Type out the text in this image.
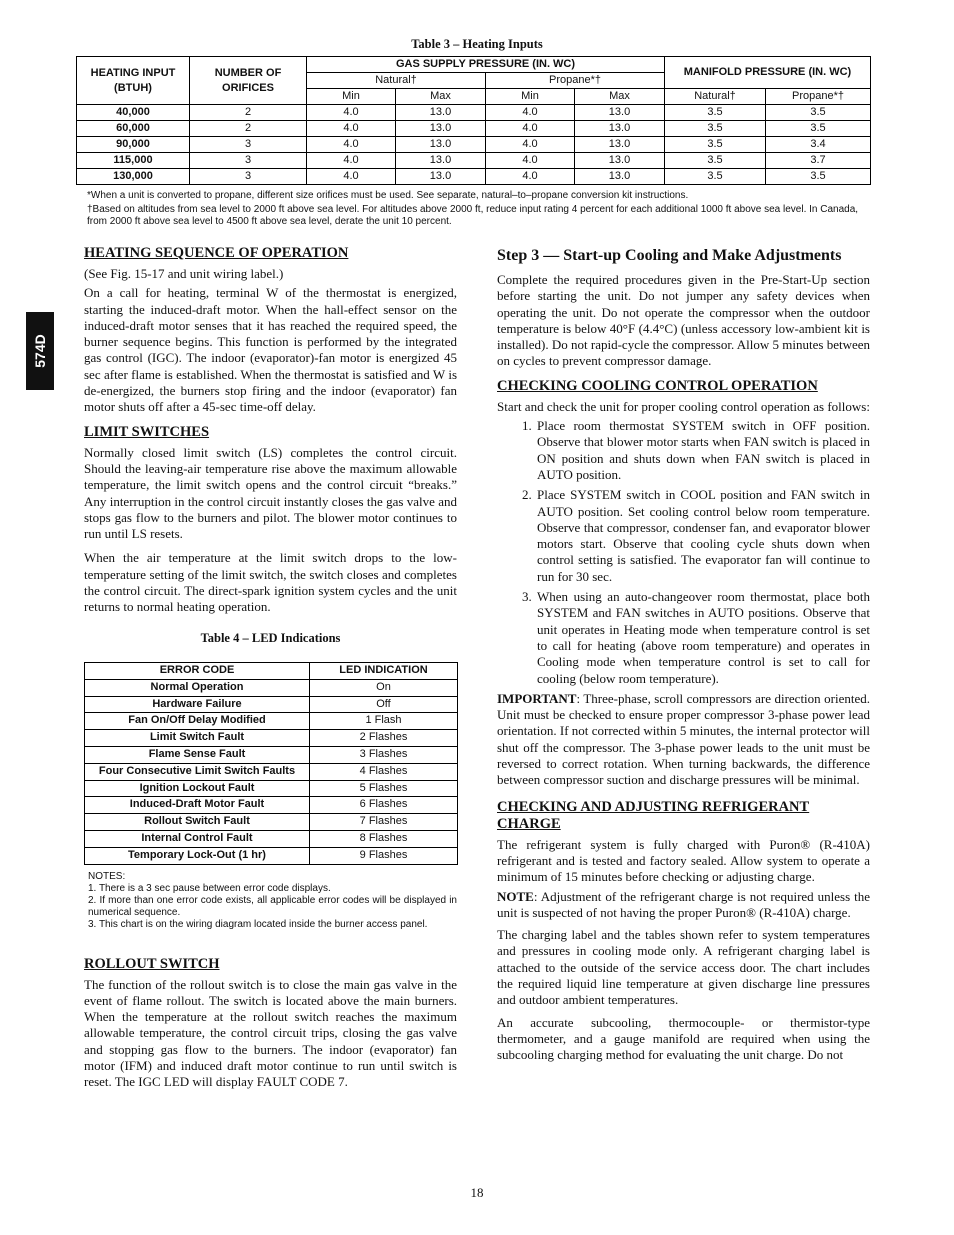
Table 3 – Heating Inputs
HEATING INPUT (BTUH)	NUMBER OF ORIFICES	GAS SUPPLY PRESSURE (IN. WC)				MANIFOLD PRESSURE (IN. WC)	
		Natural†		Propane*†			
		Min	Max	Min	Max	Natural†	Propane*†
40,000	2	4.0	13.0	4.0	13.0	3.5	3.5
60,000	2	4.0	13.0	4.0	13.0	3.5	3.5
90,000	3	4.0	13.0	4.0	13.0	3.5	3.4
115,000	3	4.0	13.0	4.0	13.0	3.5	3.7
130,000	3	4.0	13.0	4.0	13.0	3.5	3.5

*When a unit is converted to propane, different size orifices must be used. See separate, natural–to–propane conversion kit instructions.

†Based on altitudes from sea level to 2000 ft above sea level. For altitudes above 2000 ft, reduce input rating 4 percent for each additional 1000 ft above sea level. In Canada, from 2000 ft above sea level to 4500 ft above sea level, derate the unit 10 percent.

574D
HEATING SEQUENCE OF OPERATION

(See Fig. 15-17 and unit wiring label.)

On a call for heating, terminal W of the thermostat is energized, starting the induced-draft motor. When the hall-effect sensor on the induced-draft motor senses that it has reached the required speed, the burner sequence begins. This function is performed by the integrated gas control (IGC). The indoor (evaporator)-fan motor is energized 45 sec after flame is established. When the thermostat is satisfied and W is de-energized, the burners stop firing and the indoor (evaporator) fan motor shuts off after a 45-sec time-off delay.

LIMIT SWITCHES

Normally closed limit switch (LS) completes the control circuit. Should the leaving-air temperature rise above the maximum allowable temperature, the limit switch opens and the control circuit “breaks.” Any interruption in the control circuit instantly closes the gas valve and stops gas flow to the burners and pilot. The blower motor continues to run until LS resets.

When the air temperature at the limit switch drops to the low-temperature setting of the limit switch, the switch closes and completes the control circuit. The direct-spark ignition system cycles and the unit returns to normal heating operation.

Table 4 – LED Indications
ERROR CODE	LED INDICATION
Normal Operation	On
Hardware Failure	Off
Fan On/Off Delay Modified	1 Flash
Limit Switch Fault	2 Flashes
Flame Sense Fault	3 Flashes
Four Consecutive Limit Switch Faults	4 Flashes
Ignition Lockout Fault	5 Flashes
Induced-Draft Motor Fault	6 Flashes
Rollout Switch Fault	7 Flashes
Internal Control Fault	8 Flashes
Temporary Lock-Out (1 hr)	9 Flashes

NOTES:

1. There is a 3 sec pause between error code displays.

2. If more than one error code exists, all applicable error codes will be displayed in numerical sequence.

3. This chart is on the wiring diagram located inside the burner access panel.

ROLLOUT SWITCH

The function of the rollout switch is to close the main gas valve in the event of flame rollout. The switch is located above the main burners. When the temperature at the rollout switch reaches the maximum allowable temperature, the control circuit trips, closing the gas valve and stopping gas flow to the burners. The indoor (evaporator) fan motor (IFM) and induced draft motor continue to run until switch is reset. The IGC LED will display FAULT CODE 7.

Step 3 — Start-up Cooling and Make Adjustments

Complete the required procedures given in the Pre-Start-Up section before starting the unit. Do not jumper any safety devices when operating the unit. Do not operate the compressor when the outdoor temperature is below 40°F (4.4°C) (unless accessory low-ambient kit is installed). Do not rapid-cycle the compressor. Allow 5 minutes between on cycles to prevent compressor damage.

CHECKING COOLING CONTROL OPERATION

Start and check the unit for proper cooling control operation as follows:

1. Place room thermostat SYSTEM switch in OFF position. Observe that blower motor starts when FAN switch is placed in ON position and shuts down when FAN switch is placed in AUTO position.
2. Place SYSTEM switch in COOL position and FAN switch in AUTO position. Set cooling control below room temperature. Observe that compressor, condenser fan, and evaporator blower motors start. Observe that cooling cycle shuts down when control setting is satisfied. The evaporator fan will continue to run for 30 sec.
3. When using an auto-changeover room thermostat, place both SYSTEM and FAN switches in AUTO positions. Observe that unit operates in Heating mode when temperature control is set to call for heating (above room temperature) and operates in Cooling mode when temperature control is set to call for cooling (below room temperature).

IMPORTANT: Three-phase, scroll compressors are direction oriented. Unit must be checked to ensure proper compressor 3-phase power lead orientation. If not corrected within 5 minutes, the internal protector will shut off the compressor. The 3-phase power leads to the unit must be reversed to correct rotation. When turning backwards, the difference between compressor suction and discharge pressures will be minimal.

CHECKING AND ADJUSTING REFRIGERANT CHARGE

The refrigerant system is fully charged with Puron® (R-410A) refrigerant and is tested and factory sealed. Allow system to operate a minimum of 15 minutes before checking or adjusting charge.

NOTE: Adjustment of the refrigerant charge is not required unless the unit is suspected of not having the proper Puron® (R-410A) charge.

The charging label and the tables shown refer to system temperatures and pressures in cooling mode only. A refrigerant charging label is attached to the outside of the service access door. The chart includes the required liquid line temperature at given discharge line pressures and outdoor ambient temperatures.

An accurate subcooling, thermocouple- or thermistor-type thermometer, and a gauge manifold are required when using the subcooling charging method for evaluating the unit charge. Do not

18
